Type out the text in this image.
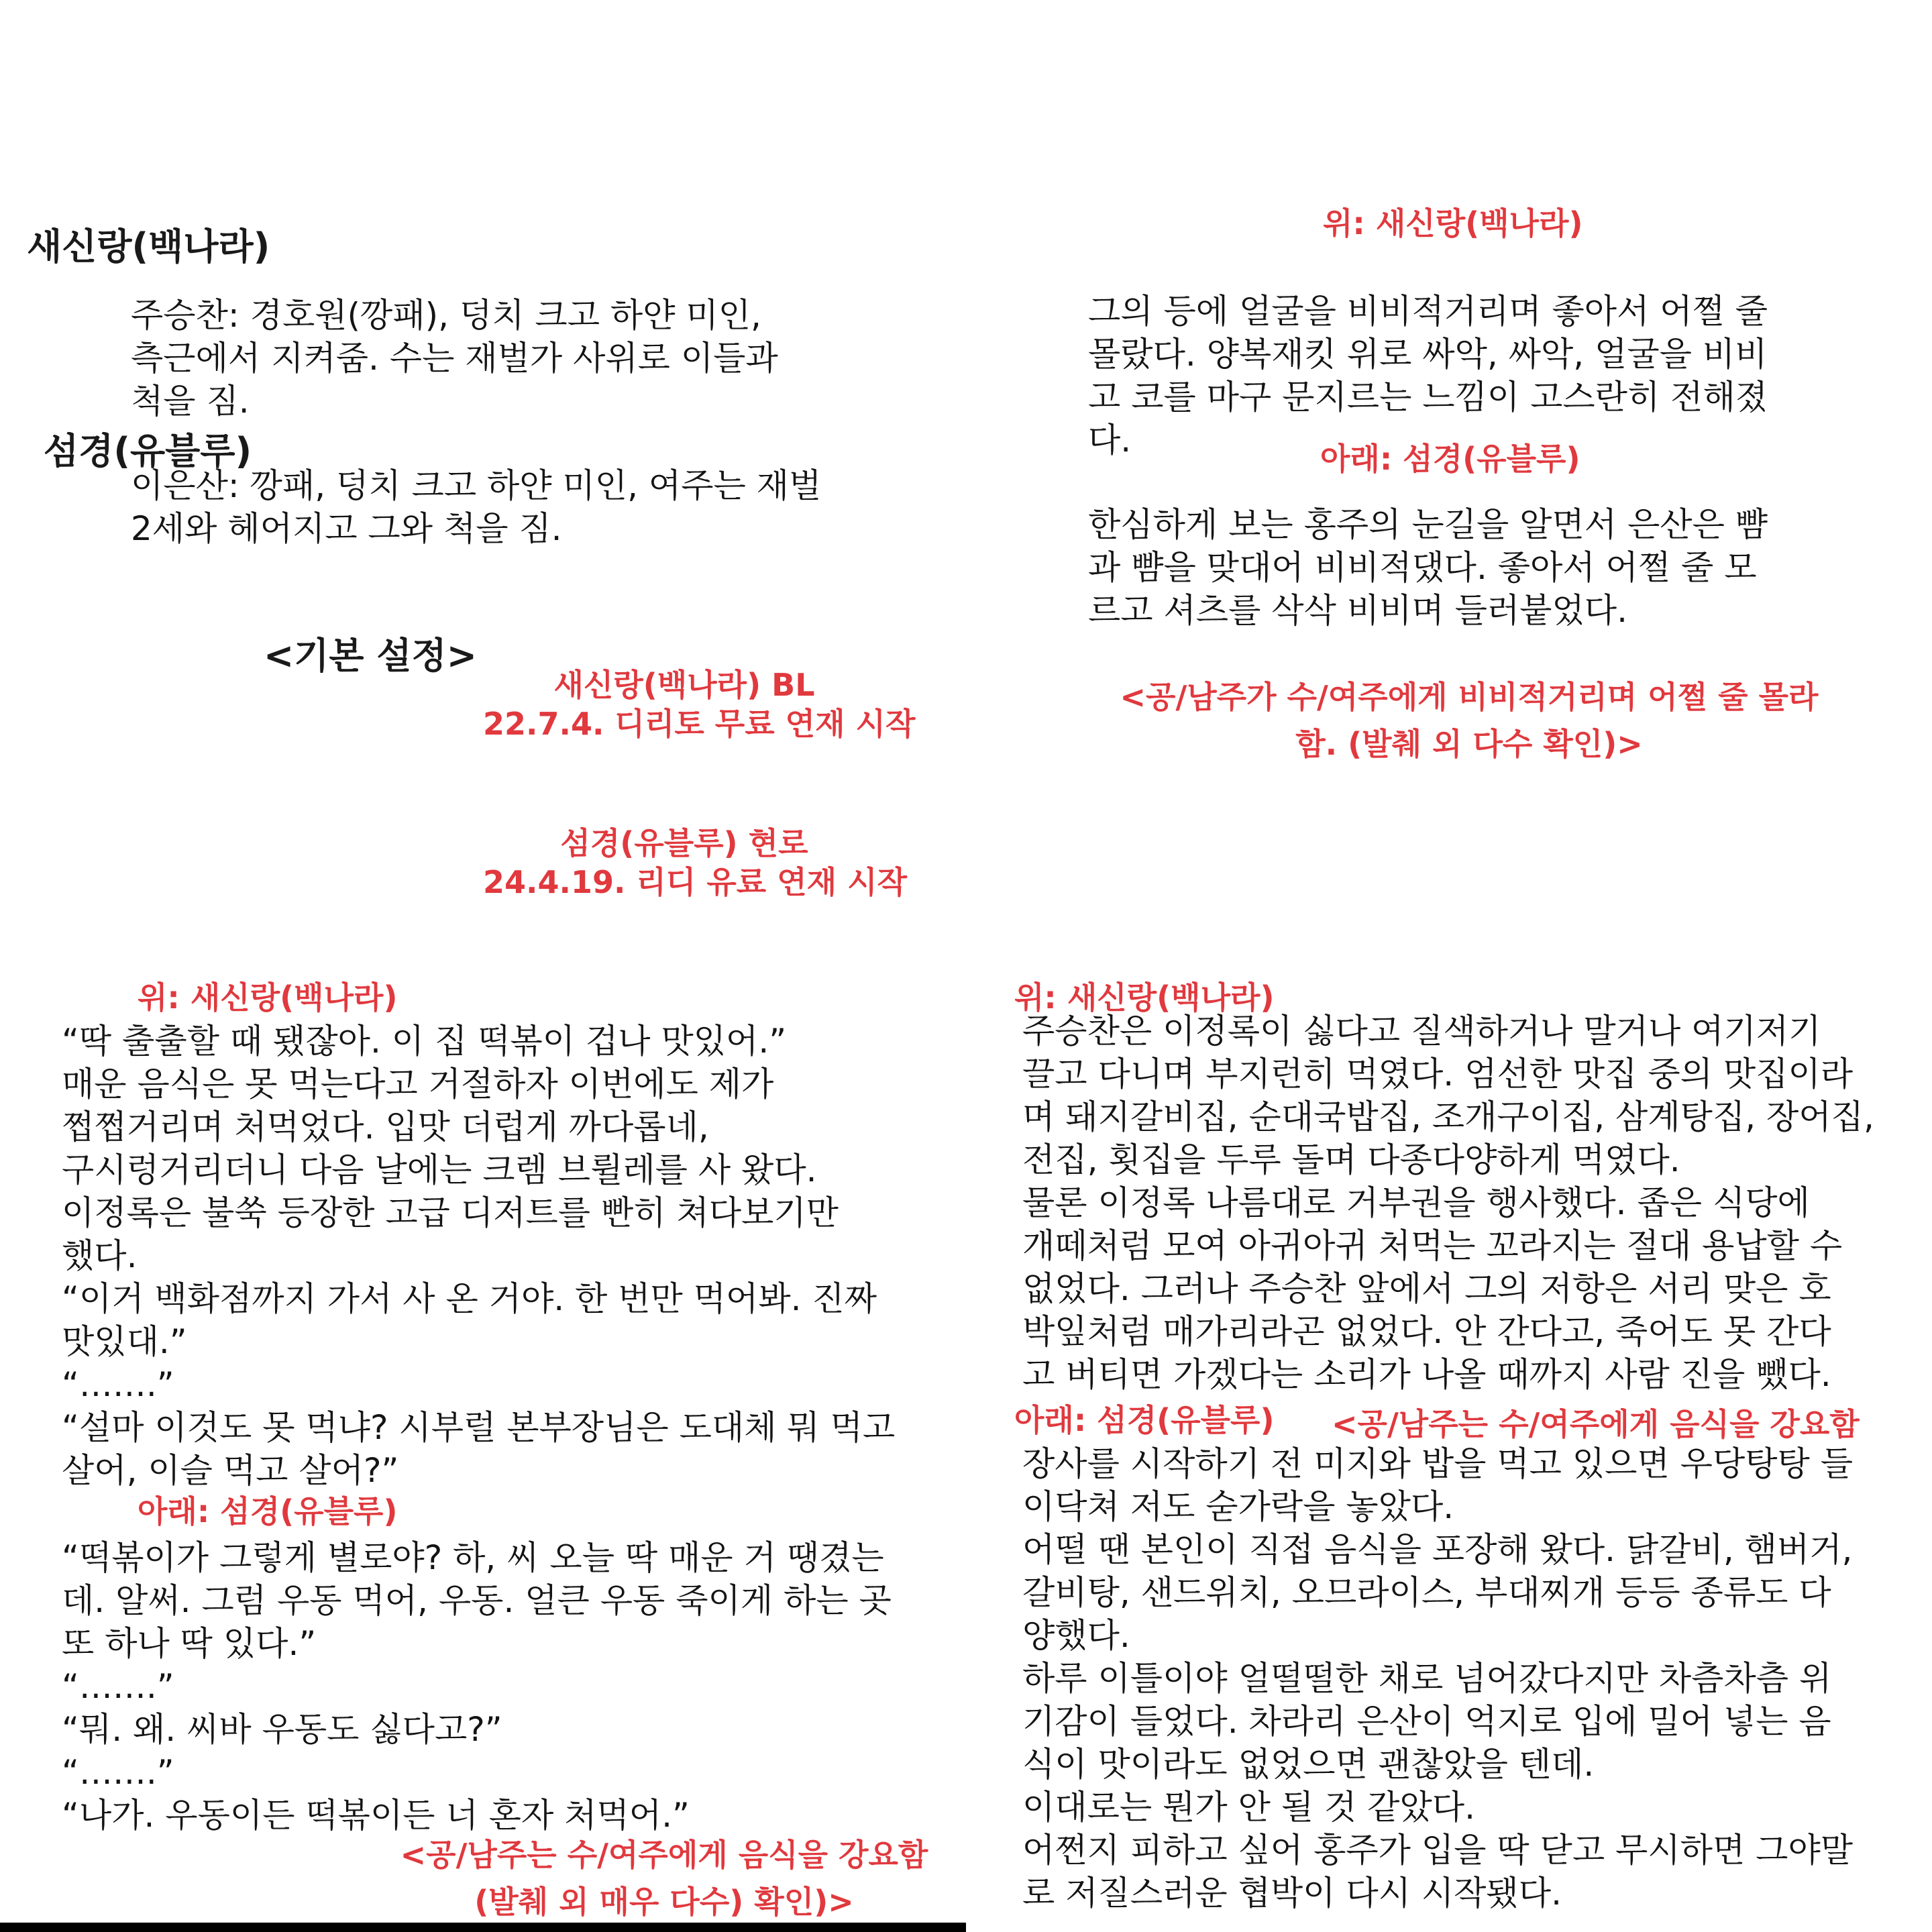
새신랑(백나라)
주승찬: 경호원(깡패), 덩치 크고 하얀 미인,
측근에서 지켜줌. 수는 재벌가 사위로 이들과
척을 짐.
섬경(유블루)
이은산: 깡패, 덩치 크고 하얀 미인, 여주는 재벌
2세와 헤어지고 그와 척을 짐.
<기본 설정>
새신랑(백나라) BL
22.7.4. 디리토 무료 연재 시작
섬경(유블루) 현로
24.4.19. 리디 유료 연재 시작
위: 새신랑(백나라)
그의 등에 얼굴을 비비적거리며 좋아서 어쩔 줄
몰랐다. 양복재킷 위로 싸악, 싸악, 얼굴을 비비
고 코를 마구 문지르는 느낌이 고스란히 전해졌
다.	아래: 섬경(유블루)
한심하게 보는 홍주의 눈길을 알면서 은산은 뺨
과 뺨을 맞대어 비비적댔다. 좋아서 어쩔 줄 모
르고 셔츠를 삭삭 비비며 들러붙었다.
<공/남주가 수/여주에게 비비적거리며 어쩔 줄 몰라
함. (발췌 외 다수 확인)>
위: 새신랑(백나라)
“딱 출출할 때 됐잖아. 이 집 떡볶이 겁나 맛있어.”
매운 음식은 못 먹는다고 거절하자 이번에도 제가
쩝쩝거리며 처먹었다. 입맛 더럽게 까다롭네,
구시렁거리더니 다음 날에는 크렘 브륄레를 사 왔다.
이정록은 불쑥 등장한 고급 디저트를 빤히 쳐다보기만
했다.
“이거 백화점까지 가서 사 온 거야. 한 번만 먹어봐. 진짜
맛있대.”
“…….”
“설마 이것도 못 먹냐? 시부럴 본부장님은 도대체 뭐 먹고
살어, 이슬 먹고 살어?”
아래: 섬경(유블루)
“떡볶이가 그렇게 별로야? 하, 씨 오늘 딱 매운 거 땡겼는
데. 알써. 그럼 우동 먹어, 우동. 얼큰 우동 죽이게 하는 곳
또 하나 딱 있다.”
“…….”
“뭐. 왜. 씨바 우동도 싫다고?”
“…….”
“나가. 우동이든 떡볶이든 너 혼자 처먹어.”
<공/남주는 수/여주에게 음식을 강요함
(발췌 외 매우 다수) 확인)>
위: 새신랑(백나라)
주승찬은 이정록이 싫다고 질색하거나 말거나 여기저기
끌고 다니며 부지런히 먹였다. 엄선한 맛집 중의 맛집이라
며 돼지갈비집, 순대국밥집, 조개구이집, 삼계탕집, 장어집,
전집, 횟집을 두루 돌며 다종다양하게 먹였다.
물론 이정록 나름대로 거부권을 행사했다. 좁은 식당에
개떼처럼 모여 아귀아귀 처먹는 꼬라지는 절대 용납할 수
없었다. 그러나 주승찬 앞에서 그의 저항은 서리 맞은 호
박잎처럼 매가리라곤 없었다. 안 간다고, 죽어도 못 간다
고 버티면 가겠다는 소리가 나올 때까지 사람 진을 뺐다.
아래: 섬경(유블루) <공/남주는 수/여주에게 음식을 강요함
장사를 시작하기 전 미지와 밥을 먹고 있으면 우당탕탕 들
이닥쳐 저도 숟가락을 놓았다.
어떨 땐 본인이 직접 음식을 포장해 왔다. 닭갈비, 햄버거,
갈비탕, 샌드위치, 오므라이스, 부대찌개 등등 종류도 다
양했다.
하루 이틀이야 얼떨떨한 채로 넘어갔다지만 차츰차츰 위
기감이 들었다. 차라리 은산이 억지로 입에 밀어 넣는 음
식이 맛이라도 없었으면 괜찮았을 텐데.
이대로는 뭔가 안 될 것 같았다.
어쩐지 피하고 싶어 홍주가 입을 딱 닫고 무시하면 그야말
로 저질스러운 협박이 다시 시작됐다.
